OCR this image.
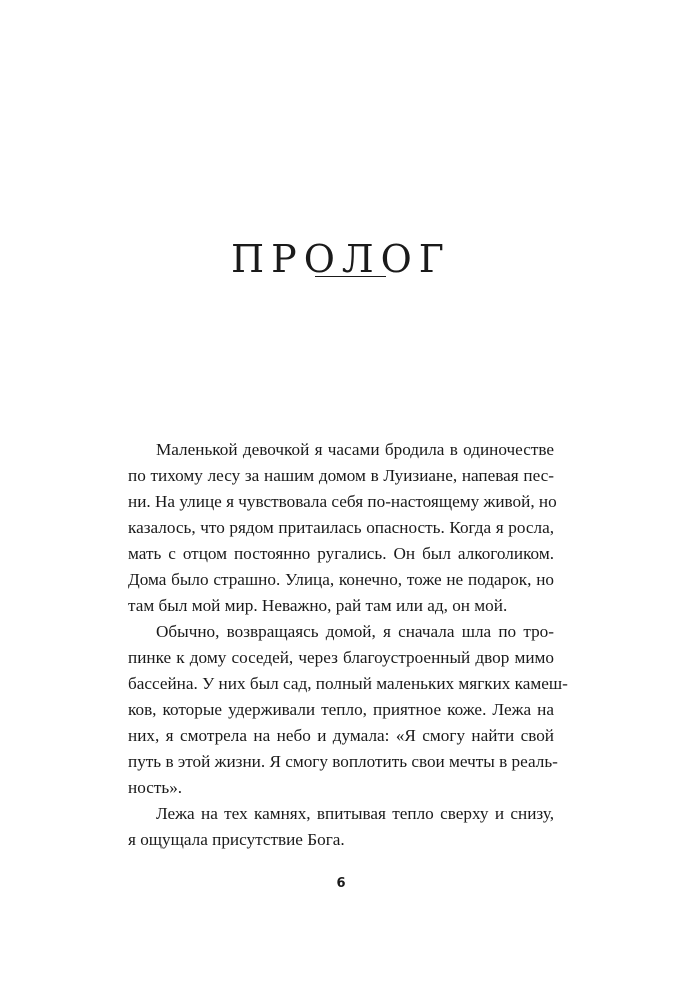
ПРОЛОГ

Маленькой девочкой я часами бродила в одиночестве
по тихому лесу за нашим домом в Луизиане, напевая пес-
ни. На улице я чувствовала себя по-настоящему живой, но
казалось, что рядом притаилась опасность. Когда я росла,
мать с отцом постоянно ругались. Он был алкоголиком.
Дома было страшно. Улица, конечно, тоже не подарок, но
там был мой мир. Неважно, рай там или ад, он мой.

Обычно, возвращаясь домой, я сначала шла по тро-
пинке к дому соседей, через благоустроенный двор мимо
бассейна. У них был сад, полный маленьких мягких камеш-
ков, которые удерживали тепло, приятное коже. Лежа на
них, я смотрела на небо и думала: «Я смогу найти свой
путь в этой жизни. Я смогу воплотить свои мечты в реаль-
ность».

Лежа на тех камнях, впитывая тепло сверху и снизу,
я ощущала присутствие Бога.

6
